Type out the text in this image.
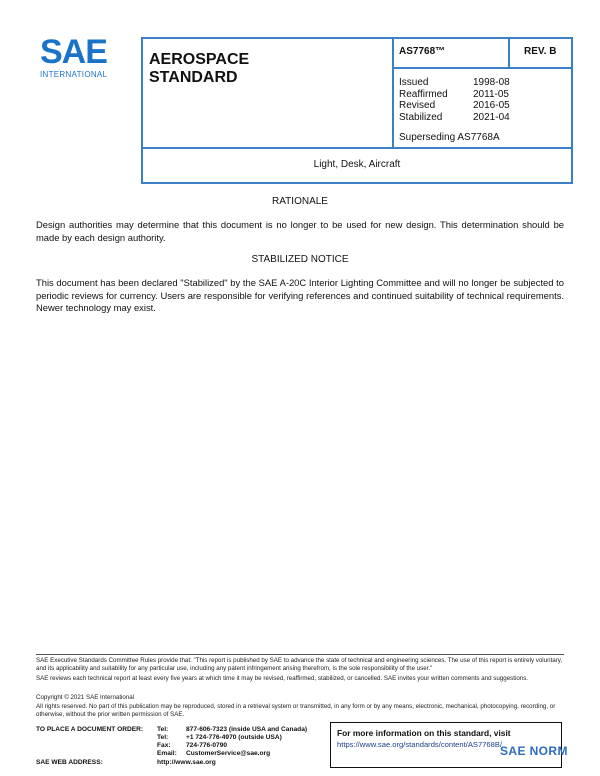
SAE
INTERNATIONAL
AEROSPACE
STANDARD
AS7768™	REV. B
Issued	1998-08
Reaffirmed	2011-05
Revised	2016-05
Stabilized	2021-04
Superseding AS7768A
Light, Desk, Aircraft
RATIONALE
Design authorities may determine that this document is no longer to be used for new design. This determination should be made by each design authority.
STABILIZED NOTICE
This document has been declared "Stabilized" by the SAE A-20C Interior Lighting Committee and will no longer be subjected to periodic reviews for currency. Users are responsible for verifying references and continued suitability of technical requirements. Newer technology may exist.
SAE Executive Standards Committee Rules provide that: "This report is published by SAE to advance the state of technical and engineering sciences. The use of this report is entirely voluntary, and its applicability and suitability for any particular use, including any patent infringement arising therefrom, is the sole responsibility of the user."
SAE reviews each technical report at least every five years at which time it may be revised, reaffirmed, stabilized, or cancelled. SAE invites your written comments and suggestions.
Copyright © 2021 SAE International
All rights reserved. No part of this publication may be reproduced, stored in a retrieval system or transmitted, in any form or by any means, electronic, mechanical, photocopying, recording, or otherwise, without the prior written permission of SAE.
TO PLACE A DOCUMENT ORDER: Tel:	877-606-7323 (inside USA and Canada)
Tel:	+1 724-776-4970 (outside USA)
Fax: 724-776-0790
Email: CustomerService@sae.org
SAE WEB ADDRESS:	http://www.sae.org
For more information on this standard, visit
https://www.sae.org/standards/content/AS7768B/
SAE NORM
